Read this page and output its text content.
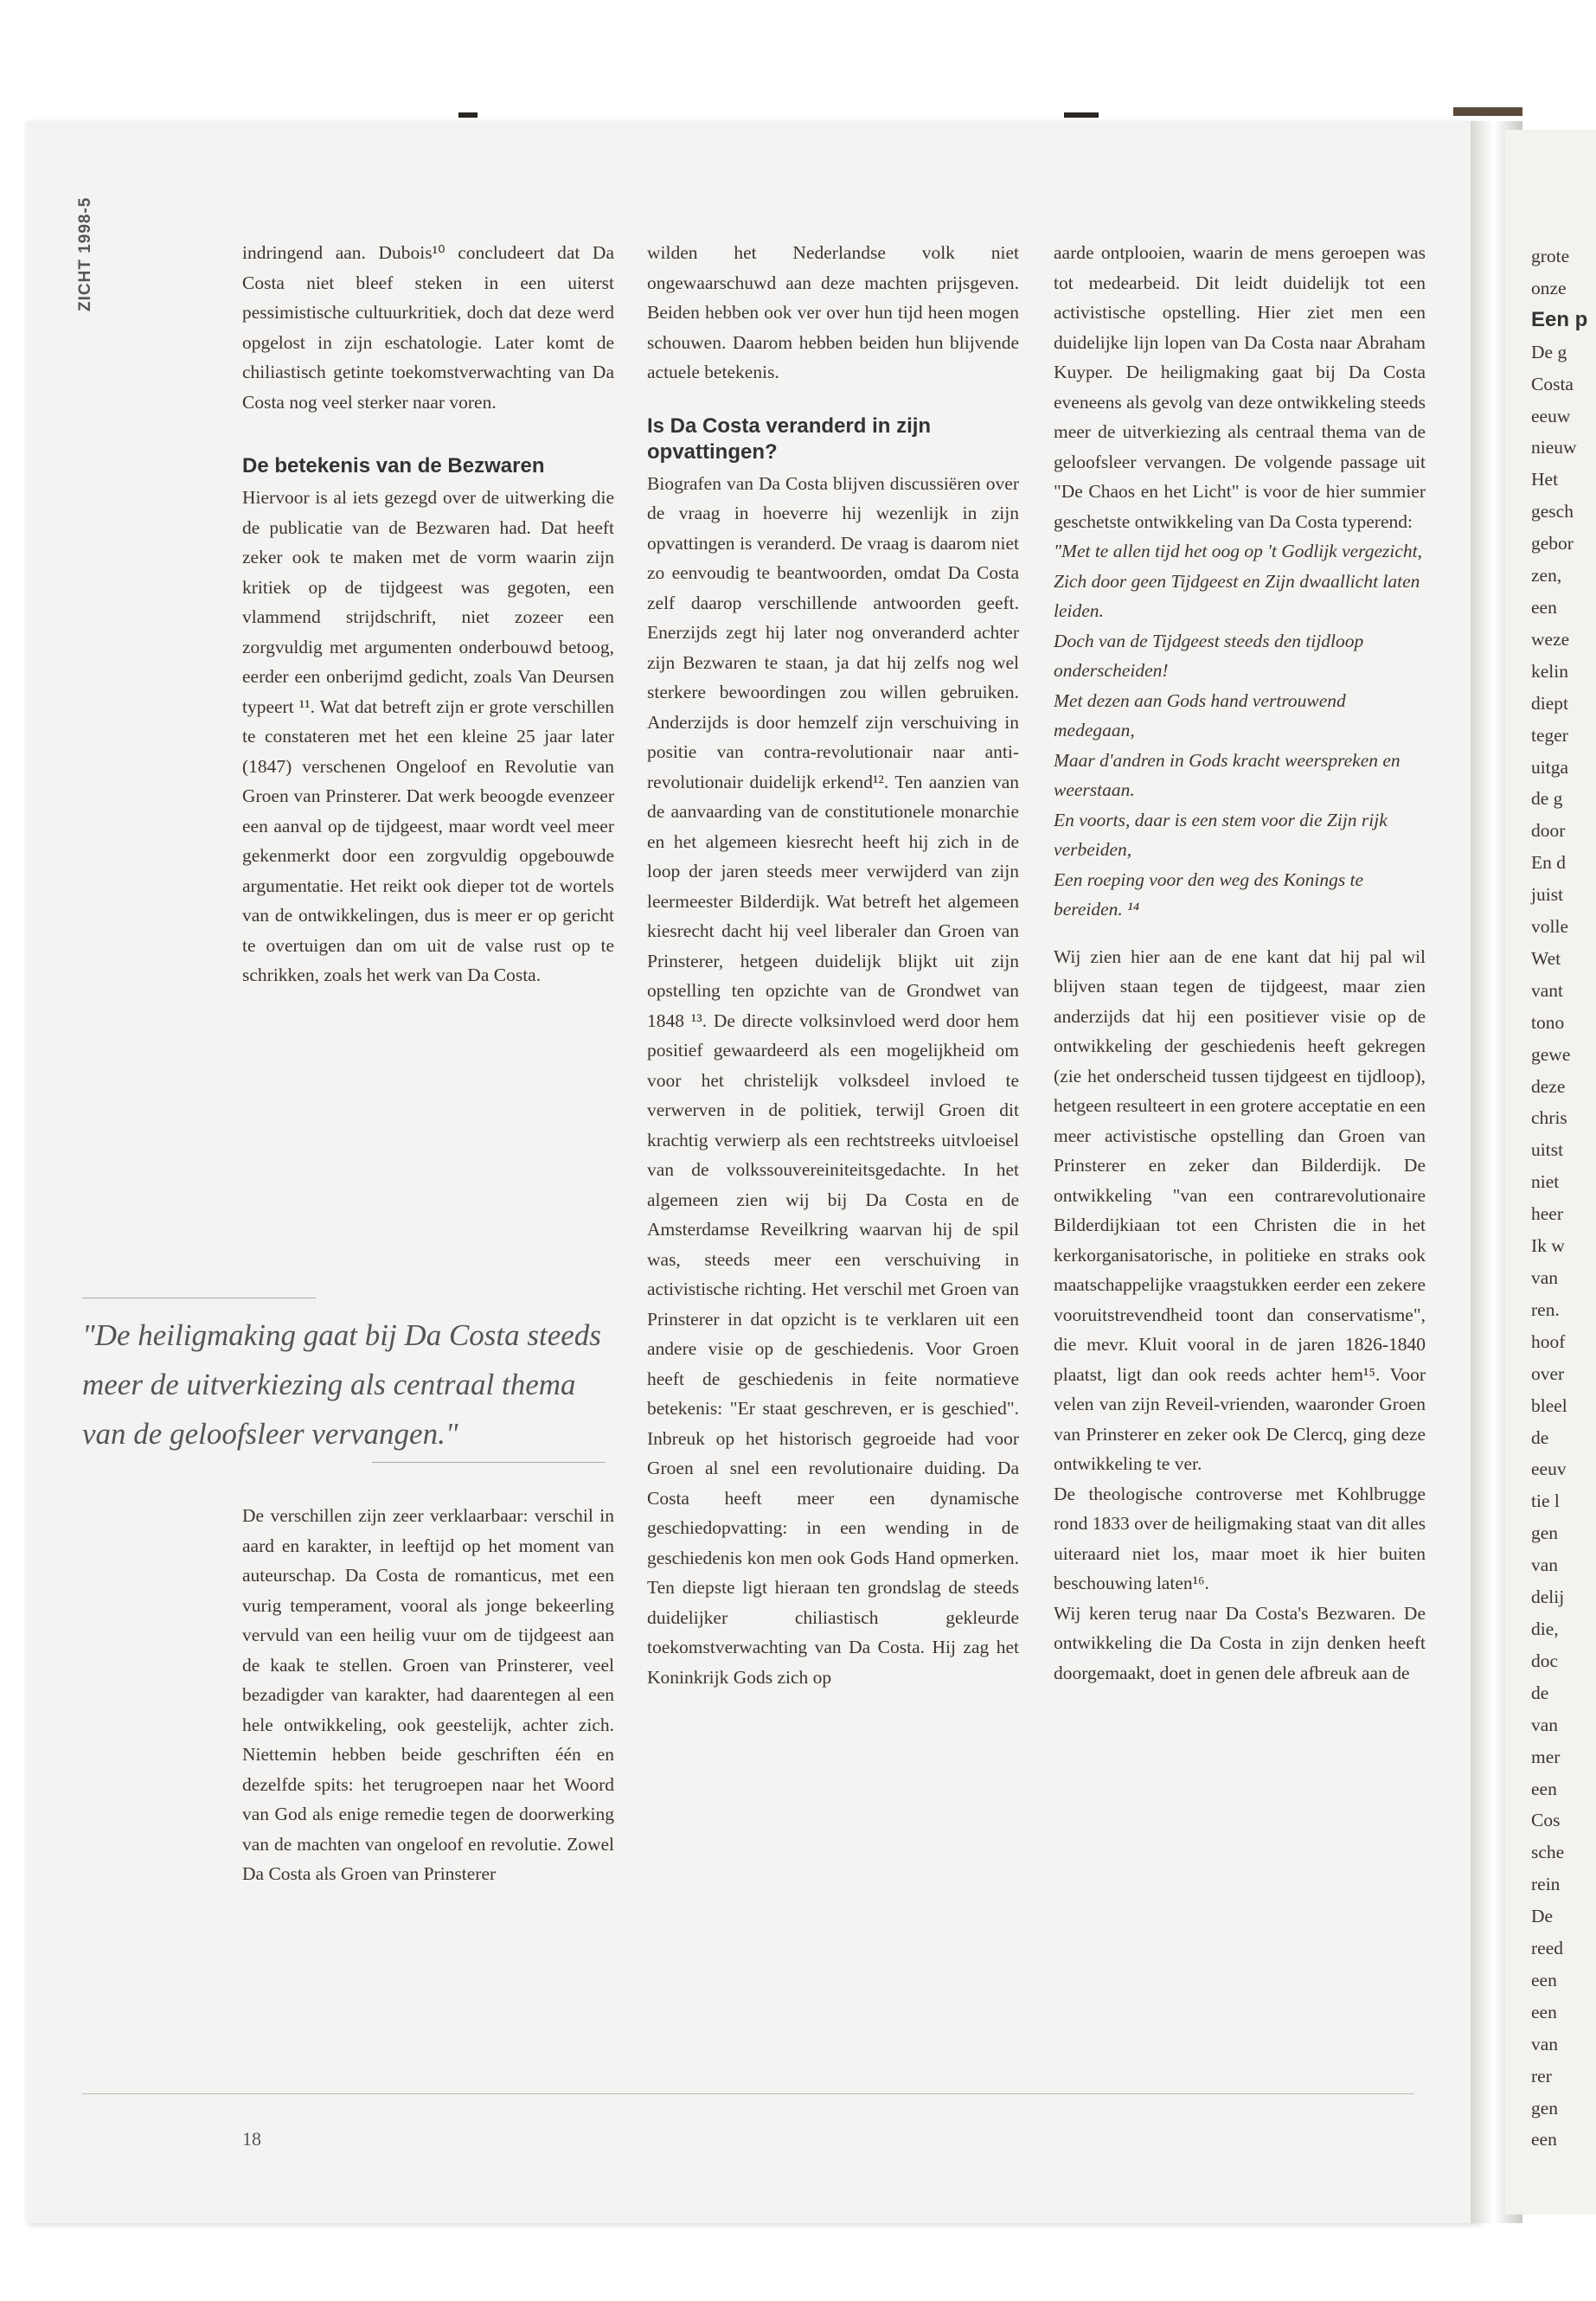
ZICHT 1998-5	indringend aan. Dubois¹⁰ concludeert dat Da Costa niet bleef steken in een uiterst pessimistische cultuurkritiek, doch dat deze werd opgelost in zijn eschatologie. Later komt de chiliastisch getinte toekomstverwachting van Da Costa nog veel sterker naar voren.

De betekenis van de Bezwaren

Hiervoor is al iets gezegd over de uitwerking die de publicatie van de Bezwaren had. Dat heeft zeker ook te maken met de vorm waarin zijn kritiek op de tijdgeest was gegoten, een vlammend strijdschrift, niet zozeer een zorgvuldig met argumenten onderbouwd betoog, eerder een onberijmd gedicht, zoals Van Deursen typeert ¹¹. Wat dat betreft zijn er grote verschillen te constateren met het een kleine 25 jaar later (1847) verschenen Ongeloof en Revolutie van Groen van Prinsterer. Dat werk beoogde evenzeer een aanval op de tijdgeest, maar wordt veel meer gekenmerkt door een zorgvuldig opgebouwde argumentatie. Het reikt ook dieper tot de wortels van de ontwikkelingen, dus is meer er op gericht te overtuigen dan om uit de valse rust op te schrikken, zoals het werk van Da Costa.

"De heiligmaking gaat bij Da Costa steeds meer de uitverkiezing als centraal thema van de geloofsleer vervangen."

De verschillen zijn zeer verklaarbaar: verschil in aard en karakter, in leeftijd op het moment van auteurschap. Da Costa de romanticus, met een vurig temperament, vooral als jonge bekeerling vervuld van een heilig vuur om de tijdgeest aan de kaak te stellen. Groen van Prinsterer, veel bezadigder van karakter, had daarentegen al een hele ontwikkeling, ook geestelijk, achter zich. Niettemin hebben beide geschriften één en dezelfde spits: het terugroepen naar het Woord van God als enige remedie tegen de doorwerking van de machten van ongeloof en revolutie. Zowel Da Costa als Groen van Prinsterer

wilden het Nederlandse volk niet ongewaarschuwd aan deze machten prijsgeven. Beiden hebben ook ver over hun tijd heen mogen schouwen. Daarom hebben beiden hun blijvende actuele betekenis.

Is Da Costa veranderd in zijn opvattingen?

Biografen van Da Costa blijven discussiëren over de vraag in hoeverre hij wezenlijk in zijn opvattingen is veranderd. De vraag is daarom niet zo eenvoudig te beantwoorden, omdat Da Costa zelf daarop verschillende antwoorden geeft. Enerzijds zegt hij later nog onveranderd achter zijn Bezwaren te staan, ja dat hij zelfs nog wel sterkere bewoordingen zou willen gebruiken. Anderzijds is door hemzelf zijn verschuiving in positie van contra-revolutionair naar anti-revolutionair duidelijk erkend¹². Ten aanzien van de aanvaarding van de constitutionele monarchie en het algemeen kiesrecht heeft hij zich in de loop der jaren steeds meer verwijderd van zijn leermeester Bilderdijk. Wat betreft het algemeen kiesrecht dacht hij veel liberaler dan Groen van Prinsterer, hetgeen duidelijk blijkt uit zijn opstelling ten opzichte van de Grondwet van 1848 ¹³. De directe volksinvloed werd door hem positief gewaardeerd als een mogelijkheid om voor het christelijk volksdeel invloed te verwerven in de politiek, terwijl Groen dit krachtig verwierp als een rechtstreeks uitvloeisel van de volkssouvereiniteitsgedachte. In het algemeen zien wij bij Da Costa en de Amsterdamse Reveilkring waarvan hij de spil was, steeds meer een verschuiving in activistische richting. Het verschil met Groen van Prinsterer in dat opzicht is te verklaren uit een andere visie op de geschiedenis. Voor Groen heeft de geschiedenis in feite normatieve betekenis: "Er staat geschreven, er is geschied". Inbreuk op het historisch gegroeide had voor Groen al snel een revolutionaire duiding. Da Costa heeft meer een dynamische geschiedopvatting: in een wending in de geschiedenis kon men ook Gods Hand opmerken. Ten diepste ligt hieraan ten grondslag de steeds duidelijker chiliastisch gekleurde toekomstverwachting van Da Costa. Hij zag het Koninkrijk Gods zich op

aarde ontplooien, waarin de mens geroepen was tot medearbeid. Dit leidt duidelijk tot een activistische opstelling. Hier ziet men een duidelijke lijn lopen van Da Costa naar Abraham Kuyper. De heiligmaking gaat bij Da Costa eveneens als gevolg van deze ontwikkeling steeds meer de uitverkiezing als centraal thema van de geloofsleer vervangen. De volgende passage uit "De Chaos en het Licht" is voor de hier summier geschetste ontwikkeling van Da Costa typerend:

"Met te allen tijd het oog op 't Godlijk vergezicht,
Zich door geen Tijdgeest en Zijn dwaallicht laten leiden.
Doch van de Tijdgeest steeds den tijdloop onderscheiden!
Met dezen aan Gods hand vertrouwend medegaan,
Maar d'andren in Gods kracht weerspreken en weerstaan.
En voorts, daar is een stem voor die Zijn rijk verbeiden,
Een roeping voor den weg des Konings te bereiden. ¹⁴

Wij zien hier aan de ene kant dat hij pal wil blijven staan tegen de tijdgeest, maar zien anderzijds dat hij een positiever visie op de ontwikkeling der geschiedenis heeft gekregen (zie het onderscheid tussen tijdgeest en tijdloop), hetgeen resulteert in een grotere acceptatie en een meer activistische opstelling dan Groen van Prinsterer en zeker dan Bilderdijk. De ontwikkeling "van een contrarevolutionaire Bilderdijkiaan tot een Christen die in het kerkorganisatorische, in politieke en straks ook maatschappelijke vraagstukken eerder een zekere vooruitstrevendheid toont dan conservatisme", die mevr. Kluit vooral in de jaren 1826-1840 plaatst, ligt dan ook reeds achter hem¹⁵. Voor velen van zijn Reveil-vrienden, waaronder Groen van Prinsterer en zeker ook De Clercq, ging deze ontwikkeling te ver.

De theologische controverse met Kohlbrugge rond 1833 over de heiligmaking staat van dit alles uiteraard niet los, maar moet ik hier buiten beschouwing laten¹⁶.

Wij keren terug naar Da Costa's Bezwaren. De ontwikkeling die Da Costa in zijn denken heeft doorgemaakt, doet in genen dele afbreuk aan de

18
grote
onze
Een p
De g
Costa
eeuw
nieuw
Het
gesch
gebor
zen,
een
weze
kelin
diept
teger
uitga
de g
door
En d
juist
volle
Wet
vant
tono
gewe
deze
chris
uitst
niet
heer
Ik w
van
ren.
hoof
over
bleel
de
eeuv
tie l
gen
van
delij
die,
doc
de
van
mer
een
Cos
sche
rein
De
reed
een
een
van
rer
gen
een
